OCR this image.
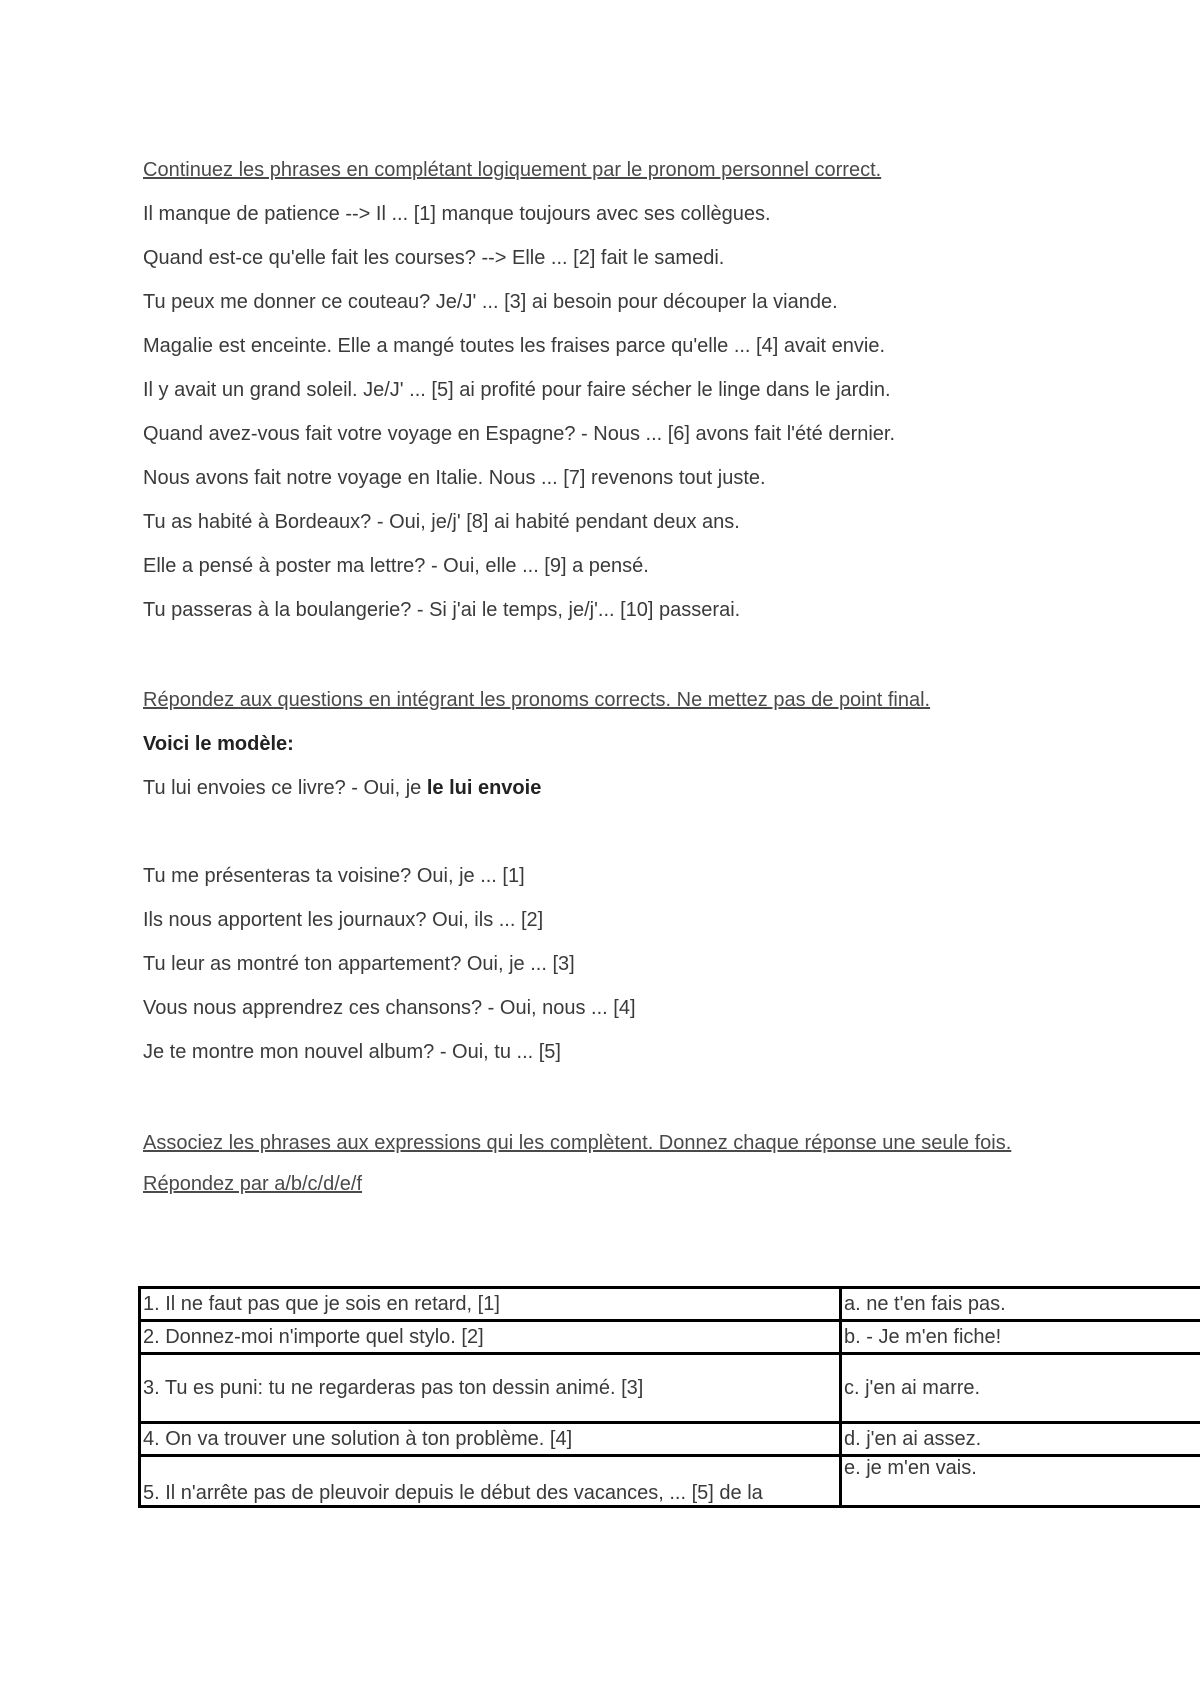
Continuez les phrases en complétant logiquement par le pronom personnel correct.
Il manque de patience --> Il ... [1] manque toujours avec ses collègues.
Quand est-ce qu'elle fait les courses? --> Elle ... [2] fait le samedi.
Tu peux me donner ce couteau? Je/J' ... [3] ai besoin pour découper la viande.
Magalie est enceinte. Elle a mangé toutes les fraises parce qu'elle ... [4] avait envie.
Il y avait un grand soleil. Je/J' ... [5] ai profité pour faire sécher le linge dans le jardin.
Quand avez-vous fait votre voyage en Espagne? - Nous ... [6] avons fait l'été dernier.
Nous avons fait notre voyage en Italie. Nous ... [7] revenons tout juste.
Tu as habité à Bordeaux? - Oui, je/j' [8] ai habité pendant deux ans.
Elle a pensé à poster ma lettre? - Oui, elle ... [9] a pensé.
Tu passeras à la boulangerie? - Si j'ai le temps, je/j'... [10] passerai.
Répondez aux questions en intégrant les pronoms corrects. Ne mettez pas de point final.
Voici le modèle:
Tu lui envoies ce livre? - Oui, je le lui envoie
Tu me présenteras ta voisine? Oui, je ... [1]
Ils nous apportent les journaux? Oui, ils ... [2]
Tu leur as montré ton appartement? Oui, je ... [3]
Vous nous apprendrez ces chansons? - Oui, nous ... [4]
Je te montre mon nouvel album? - Oui, tu ... [5]
Associez les phrases aux expressions qui les complètent. Donnez chaque réponse une seule fois.
Répondez par a/b/c/d/e/f
1. Il ne faut pas que je sois en retard, [1]	a. ne t'en fais pas.
2. Donnez-moi n'importe quel stylo. [2]	b. - Je m'en fiche!
3. Tu es puni: tu ne regarderas pas ton dessin animé. [3]	c. j'en ai marre.
4. On va trouver une solution à ton problème. [4]	d. j'en ai assez.
5. Il n'arrête pas de pleuvoir depuis le début des vacances, ... [5] de la	e. je m'en vais.
